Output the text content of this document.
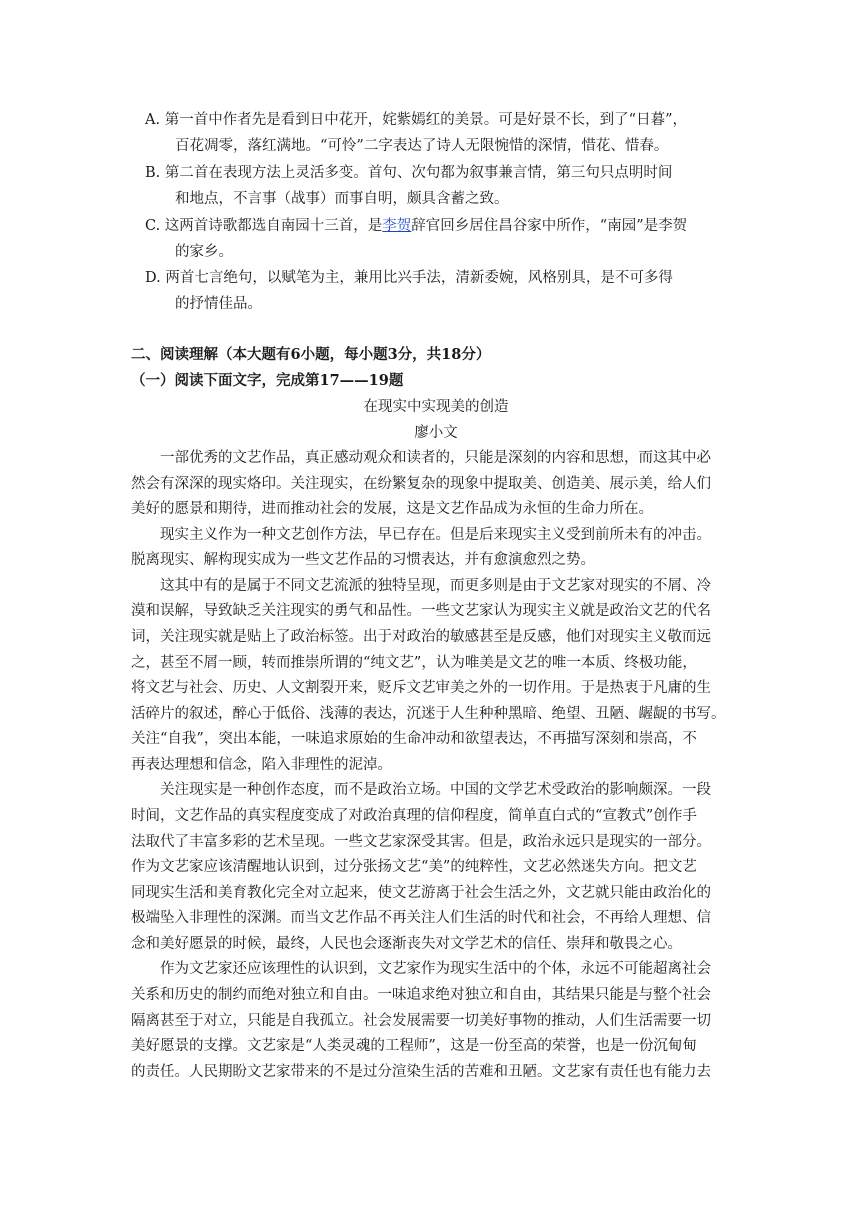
A. 第一首中作者先是看到日中花开，姹紫嫣红的美景。可是好景不长，到了“日暮”，
百花凋零，落红满地。“可怜”二字表达了诗人无限惋惜的深情，惜花、惜春。
B. 第二首在表现方法上灵活多变。首句、次句都为叙事兼言情，第三句只点明时间
和地点，不言事（战事）而事自明，颇具含蓄之致。
C. 这两首诗歌都选自南园十三首，是李贺辞官回乡居住昌谷家中所作，“南园”是李贺
的家乡。
D. 两首七言绝句，以赋笔为主，兼用比兴手法，清新委婉，风格别具，是不可多得
的抒情佳品。
二、阅读理解（本大题有6小题，每小题3分，共18分）
（一）阅读下面文字，完成第17——19题
在现实中实现美的创造
廖小文
一部优秀的文艺作品，真正感动观众和读者的，只能是深刻的内容和思想，而这其中必
然会有深深的现实烙印。关注现实，在纷繁复杂的现象中提取美、创造美、展示美，给人们
美好的愿景和期待，进而推动社会的发展，这是文艺作品成为永恒的生命力所在。
现实主义作为一种文艺创作方法，早已存在。但是后来现实主义受到前所未有的冲击。
脱离现实、解构现实成为一些文艺作品的习惯表达，并有愈演愈烈之势。
这其中有的是属于不同文艺流派的独特呈现，而更多则是由于文艺家对现实的不屑、冷
漠和误解，导致缺乏关注现实的勇气和品性。一些文艺家认为现实主义就是政治文艺的代名
词，关注现实就是贴上了政治标签。出于对政治的敏感甚至是反感，他们对现实主义敬而远
之，甚至不屑一顾，转而推崇所谓的“纯文艺”，认为唯美是文艺的唯一本质、终极功能，
将文艺与社会、历史、人文割裂开来，贬斥文艺审美之外的一切作用。于是热衷于凡庸的生
活碎片的叙述，醉心于低俗、浅薄的表达，沉迷于人生种种黑暗、绝望、丑陋、龌龊的书写。
关注“自我”，突出本能，一味追求原始的生命冲动和欲望表达，不再描写深刻和崇高，不
再表达理想和信念，陷入非理性的泥淖。
关注现实是一种创作态度，而不是政治立场。中国的文学艺术受政治的影响颇深。一段
时间，文艺作品的真实程度变成了对政治真理的信仰程度，简单直白式的“宣教式”创作手
法取代了丰富多彩的艺术呈现。一些文艺家深受其害。但是，政治永远只是现实的一部分。
作为文艺家应该清醒地认识到，过分张扬文艺“美”的纯粹性，文艺必然迷失方向。把文艺
同现实生活和美育教化完全对立起来，使文艺游离于社会生活之外，文艺就只能由政治化的
极端坠入非理性的深渊。而当文艺作品不再关注人们生活的时代和社会，不再给人理想、信
念和美好愿景的时候，最终，人民也会逐渐丧失对文学艺术的信任、崇拜和敬畏之心。
作为文艺家还应该理性的认识到，文艺家作为现实生活中的个体，永远不可能超离社会
关系和历史的制约而绝对独立和自由。一味追求绝对独立和自由，其结果只能是与整个社会
隔离甚至于对立，只能是自我孤立。社会发展需要一切美好事物的推动，人们生活需要一切
美好愿景的支撑。文艺家是“人类灵魂的工程师”，这是一份至高的荣誉，也是一份沉甸甸
的责任。人民期盼文艺家带来的不是过分渲染生活的苦难和丑陋。文艺家有责任也有能力去
